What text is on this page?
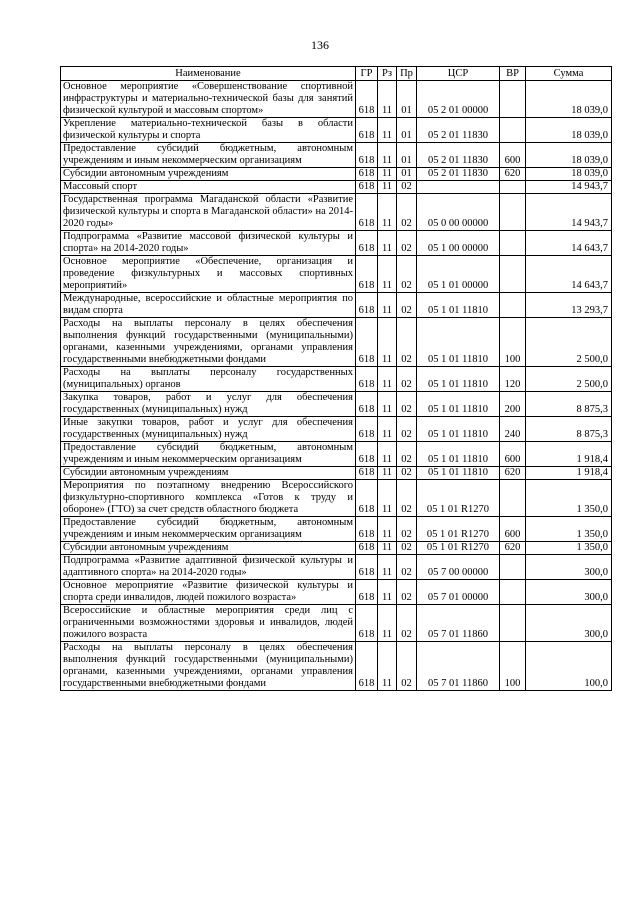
136
Наименование	ГР	Рз	Пр	ЦСР	ВР	Сумма
Основное мероприятие «Совершенствование спортивной инфраструктуры и материально-технической базы для занятий физической культурой и массовым спортом»	618	11	01	05 2 01 00000		18 039,0
Укрепление материально-технической базы в области физической культуры и спорта	618	11	01	05 2 01 11830		18 039,0
Предоставление субсидий бюджетным, автономным учреждениям и иным некоммерческим организациям	618	11	01	05 2 01 11830	600	18 039,0
Субсидии автономным учреждениям	618	11	01	05 2 01 11830	620	18 039,0
Массовый спорт	618	11	02			14 943,7
Государственная программа Магаданской области «Развитие физической культуры и спорта в Магаданской области» на 2014-2020 годы»	618	11	02	05 0 00 00000		14 943,7
Подпрограмма «Развитие массовой физической культуры и спорта» на 2014-2020 годы»	618	11	02	05 1 00 00000		14 643,7
Основное мероприятие «Обеспечение, организация и проведение физкультурных и массовых спортивных мероприятий»	618	11	02	05 1 01 00000		14 643,7
Международные, всероссийские и областные мероприятия по видам спорта	618	11	02	05 1 01 11810		13 293,7
Расходы на выплаты персоналу в целях обеспечения выполнения функций государственными (муниципальными) органами, казенными учреждениями, органами управления государственными внебюджетными фондами	618	11	02	05 1 01 11810	100	2 500,0
Расходы на выплаты персоналу государственных (муниципальных) органов	618	11	02	05 1 01 11810	120	2 500,0
Закупка товаров, работ и услуг для обеспечения государственных (муниципальных) нужд	618	11	02	05 1 01 11810	200	8 875,3
Иные закупки товаров, работ и услуг для обеспечения государственных (муниципальных) нужд	618	11	02	05 1 01 11810	240	8 875,3
Предоставление субсидий бюджетным, автономным учреждениям и иным некоммерческим организациям	618	11	02	05 1 01 11810	600	1 918,4
Субсидии автономным учреждениям	618	11	02	05 1 01 11810	620	1 918,4
Мероприятия по поэтапному внедрению Всероссийского физкультурно-спортивного комплекса «Готов к труду и обороне» (ГТО) за счет средств областного бюджета	618	11	02	05 1 01 R1270		1 350,0
Предоставление субсидий бюджетным, автономным учреждениям и иным некоммерческим организациям	618	11	02	05 1 01 R1270	600	1 350,0
Субсидии автономным учреждениям	618	11	02	05 1 01 R1270	620	1 350,0
Подпрограмма «Развитие адаптивной физической культуры и адаптивного спорта» на 2014-2020 годы»	618	11	02	05 7 00 00000		300,0
Основное мероприятие «Развитие физической культуры и спорта среди инвалидов, людей пожилого возраста»	618	11	02	05 7 01 00000		300,0
Всероссийские и областные мероприятия среди лиц с ограниченными возможностями здоровья и инвалидов, людей пожилого возраста	618	11	02	05 7 01 11860		300,0
Расходы на выплаты персоналу в целях обеспечения выполнения функций государственными (муниципальными) органами, казенными учреждениями, органами управления государственными внебюджетными фондами	618	11	02	05 7 01 11860	100	100,0
